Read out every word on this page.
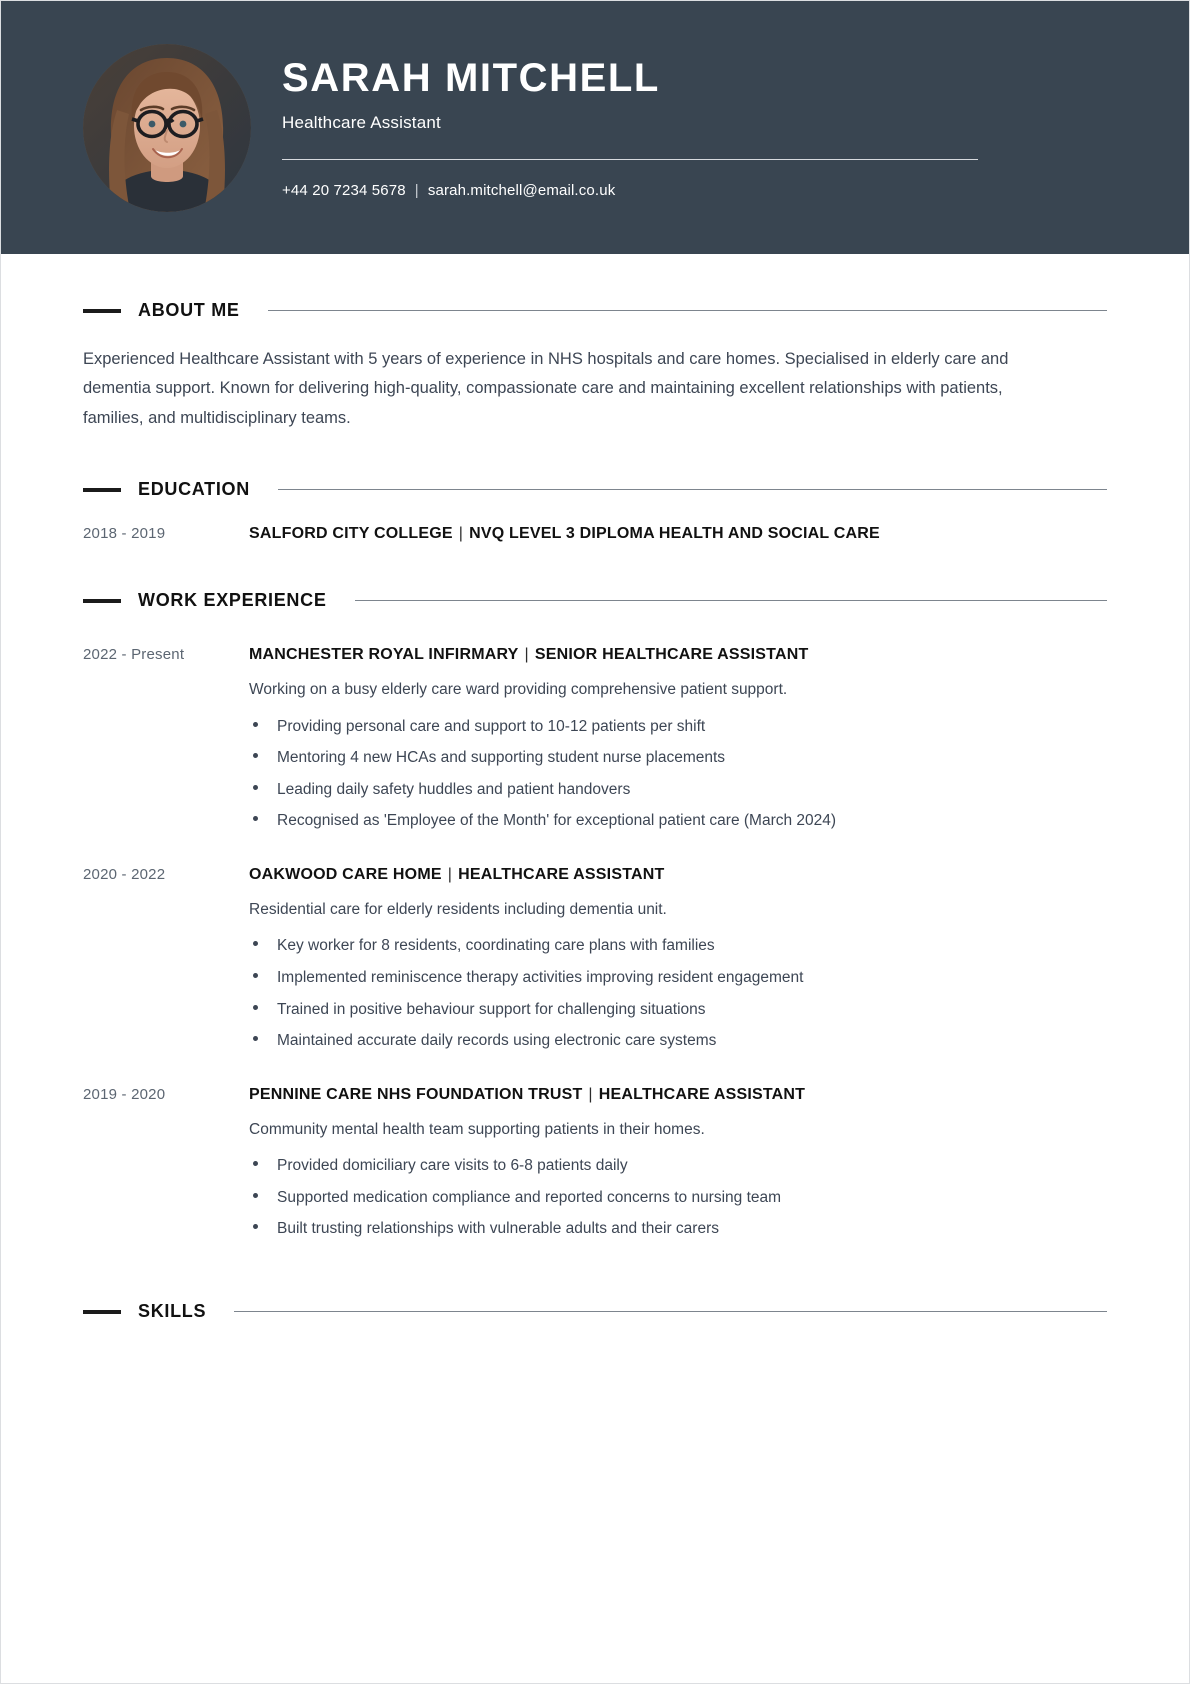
SARAH MITCHELL
Healthcare Assistant
+44 20 7234 5678 | sarah.mitchell@email.co.uk
ABOUT ME

Experienced Healthcare Assistant with 5 years of experience in NHS hospitals and care homes. Specialised in elderly care and dementia support. Known for delivering high-quality, compassionate care and maintaining excellent relationships with patients, families, and multidisciplinary teams.

EDUCATION
2018 - 2019	SALFORD CITY COLLEGE | NVQ LEVEL 3 DIPLOMA HEALTH AND SOCIAL CARE
WORK EXPERIENCE
2022 - Present	MANCHESTER ROYAL INFIRMARY | SENIOR HEALTHCARE ASSISTANT
Working on a busy elderly care ward providing comprehensive patient support.
Providing personal care and support to 10-12 patients per shift
Mentoring 4 new HCAs and supporting student nurse placements
Leading daily safety huddles and patient handovers
Recognised as 'Employee of the Month' for exceptional patient care (March 2024)
2020 - 2022	OAKWOOD CARE HOME | HEALTHCARE ASSISTANT
Residential care for elderly residents including dementia unit.
Key worker for 8 residents, coordinating care plans with families
Implemented reminiscence therapy activities improving resident engagement
Trained in positive behaviour support for challenging situations
Maintained accurate daily records using electronic care systems
2019 - 2020	PENNINE CARE NHS FOUNDATION TRUST | HEALTHCARE ASSISTANT
Community mental health team supporting patients in their homes.
Provided domiciliary care visits to 6-8 patients daily
Supported medication compliance and reported concerns to nursing team
Built trusting relationships with vulnerable adults and their carers
SKILLS
